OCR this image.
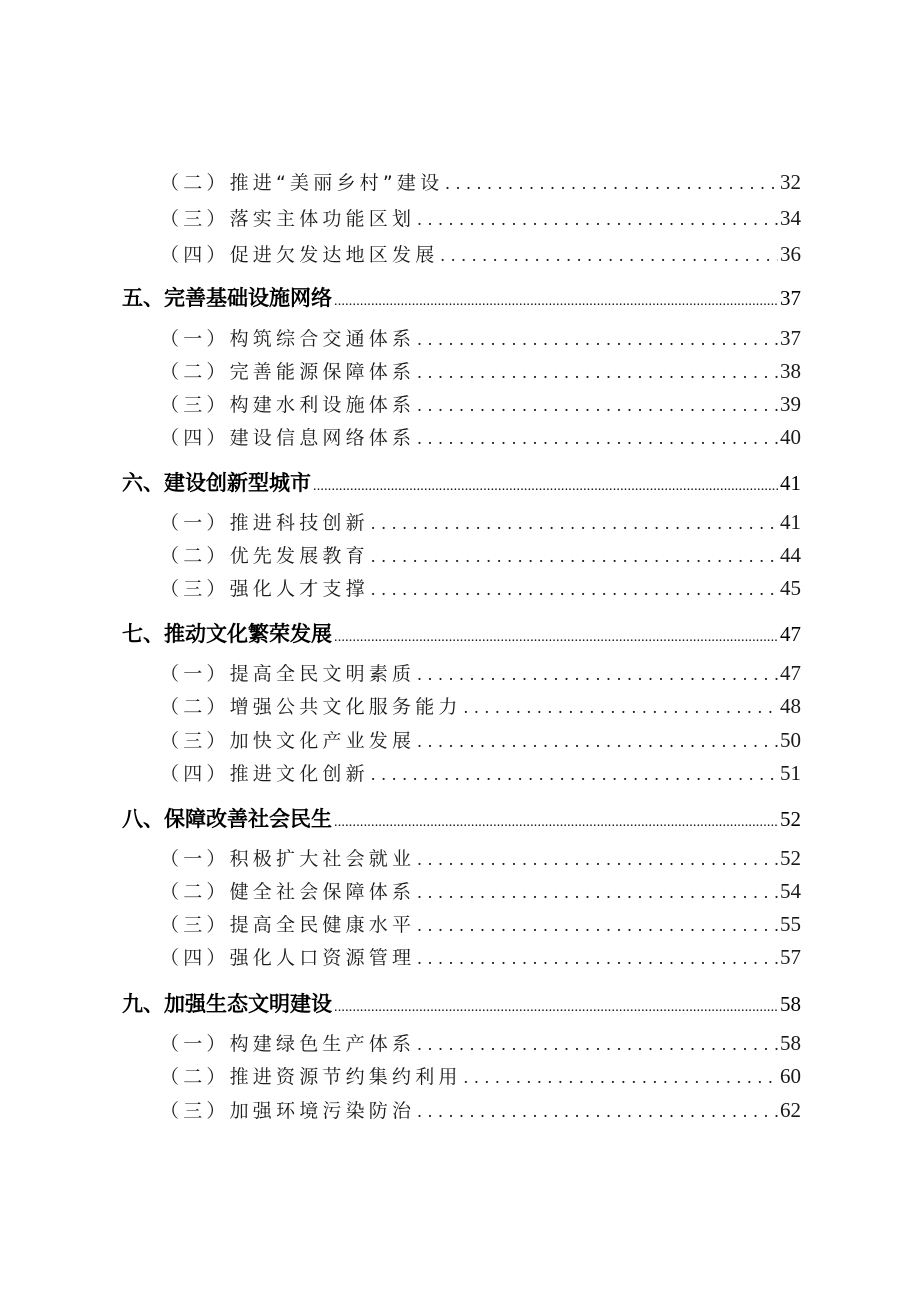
（二）推进“美丽乡村”建设 .....	32
（三）落实主体功能区划 .....	34
（四）促进欠发达地区发展 .....	36
五、完善基础设施网络 .....	37
（一）构筑综合交通体系 .....	37
（二）完善能源保障体系 .....	38
（三）构建水利设施体系 .....	39
（四）建设信息网络体系 .....	40
六、建设创新型城市 .....	41
（一）推进科技创新 .....	41
（二）优先发展教育 .....	44
（三）强化人才支撑 .....	45
七、推动文化繁荣发展 .....	47
（一）提高全民文明素质 .....	47
（二）增强公共文化服务能力 .....	48
（三）加快文化产业发展 .....	50
（四）推进文化创新 .....	51
八、保障改善社会民生 .....	52
（一）积极扩大社会就业 .....	52
（二）健全社会保障体系 .....	54
（三）提高全民健康水平 .....	55
（四）强化人口资源管理 .....	57
九、加强生态文明建设 .....	58
（一）构建绿色生产体系 .....	58
（二）推进资源节约集约利用 .....	60
（三）加强环境污染防治 .....	62
